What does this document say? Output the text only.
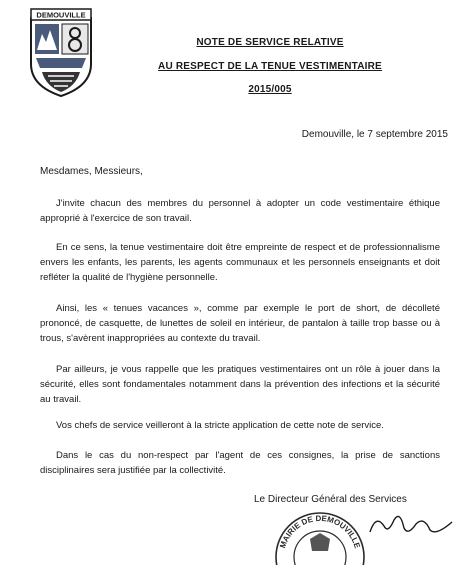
DEMOUVILLE
NOTE DE SERVICE RELATIVE
AU RESPECT DE LA TENUE VESTIMENTAIRE
2015/005
Demouville, le 7 septembre 2015
Mesdames, Messieurs,
J'invite chacun des membres du personnel à adopter un code vestimentaire éthique approprié à l'exercice de son travail.
En ce sens, la tenue vestimentaire doit être empreinte de respect et de professionnalisme envers les enfants, les parents, les agents communaux et les personnels enseignants et doit refléter la qualité de l'hygiène personnelle.
Ainsi, les « tenues vacances », comme par exemple le port de short, de décolleté prononcé, de casquette, de lunettes de soleil en intérieur, de pantalon à taille trop basse ou à trous, s'avèrent inappropriées au contexte du travail.
Par ailleurs, je vous rappelle que les pratiques vestimentaires ont un rôle à jouer dans la sécurité, elles sont fondamentales notamment dans la prévention des infections et la sécurité au travail.
Vos chefs de service veilleront à la stricte application de cette note de service.
Dans le cas du non-respect par l'agent de ces consignes, la prise de sanctions disciplinaires sera justifiée par la collectivité.
Le Directeur Général des Services
MAIRIE DE DEMOUVILLE
